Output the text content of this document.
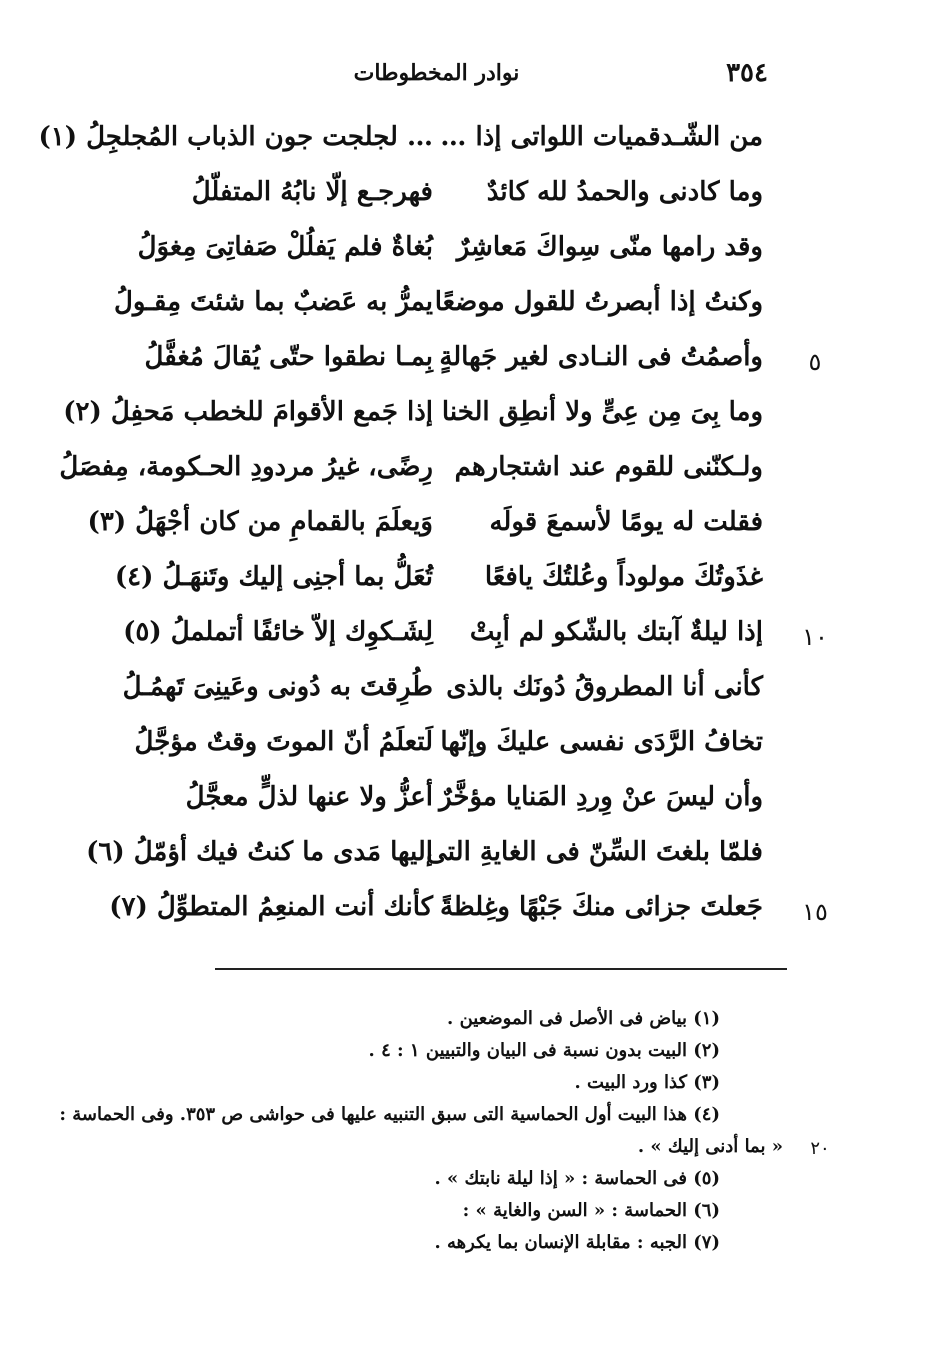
٣٥٤
نوادر المخطوطات
من الشّـدقميات اللواتى إذا …
… لجلجت جون الذباب المُجلجِلُ (١)
وما كادنى والحمدُ لله كائدٌ
فهرجـع إلّا نابُهُ المتفلّلُ
وقد رامها منّى سِواكَ مَعاشِرٌ
بُغاةٌ فلم يَفلُلْ صَفاتِىَ مِغوَلُ
وكنتُ إذا أبصرتُ للقول موضعًا
يمرُّ به عَضبٌ بما شئتَ مِقـولُ
٥
وأصمُتُ فى النـادى لغير جَهالةٍ
بِمـا نطقوا حتّى يُقالَ مُغفَّلُ
وما بِىَ مِن عِىٍّ ولا أنطِق الخنا
إذا جَمع الأقوامَ للخطب مَحفِلُ (٢)
ولـكنّنى للقوم عند اشتجارهم
رِضًى، غيرُ مردودِ الحـكومة، مِفصَلُ
فقلت له يومًا لأسمعَ قولَه
وَيعلَمَ بالقمامِ من كان أجْهَلُ (٣)
غذَوتُكَ مولوداً وعُلتُكَ يافعًا
تُعَلُّ بما أجنِى إليك وتَنهَـلُ (٤)
١٠
إذا ليلةٌ آبتك بالشّكو لم أبِتْ
لِشَـكوِك إلاّ خائفًا أتململُ (٥)
كأنى أنا المطروقُ دُونَك بالذى
طُرِقتَ به دُونى وعَينِىَ تَهمُـلُ
تخافُ الرَّدَى نفسى عليكَ وإنّها
لَتعلَمُ أنّ الموتَ وقتٌ مؤجَّلُ
وأن ليسَ عنْ وِردِ المَنايا مؤخَّرٌ
أعزُّ ولا عنها لذلٍّ معجَّلُ
فلمّا بلغتَ السِّنّ فى الغايةِ التى
إليها مَدى ما كنتُ فيك أؤمّلُ (٦)
١٥
جَعلتَ جزائى منكَ جَبْهًا وغِلظةً
كأنك أنت المنعِمُ المتطوِّلُ (٧)
(١) بياض فى الأصل فى الموضعين .
(٢) البيت بدون نسبة فى البيان والتبيين ١ : ٤ .
(٣) كذا ورد البيت .
(٤) هذا البيت أول الحماسية التى سبق التنبيه عليها فى حواشى ص ٣٥٣. وفى الحماسة :
٢٠
« بما أدنى إليك » .
(٥) فى الحماسة : « إذا ليلة نابتك » .
(٦) الحماسة : « السن والغاية » :
(٧) الجبه : مقابلة الإنسان بما يكرهه .
